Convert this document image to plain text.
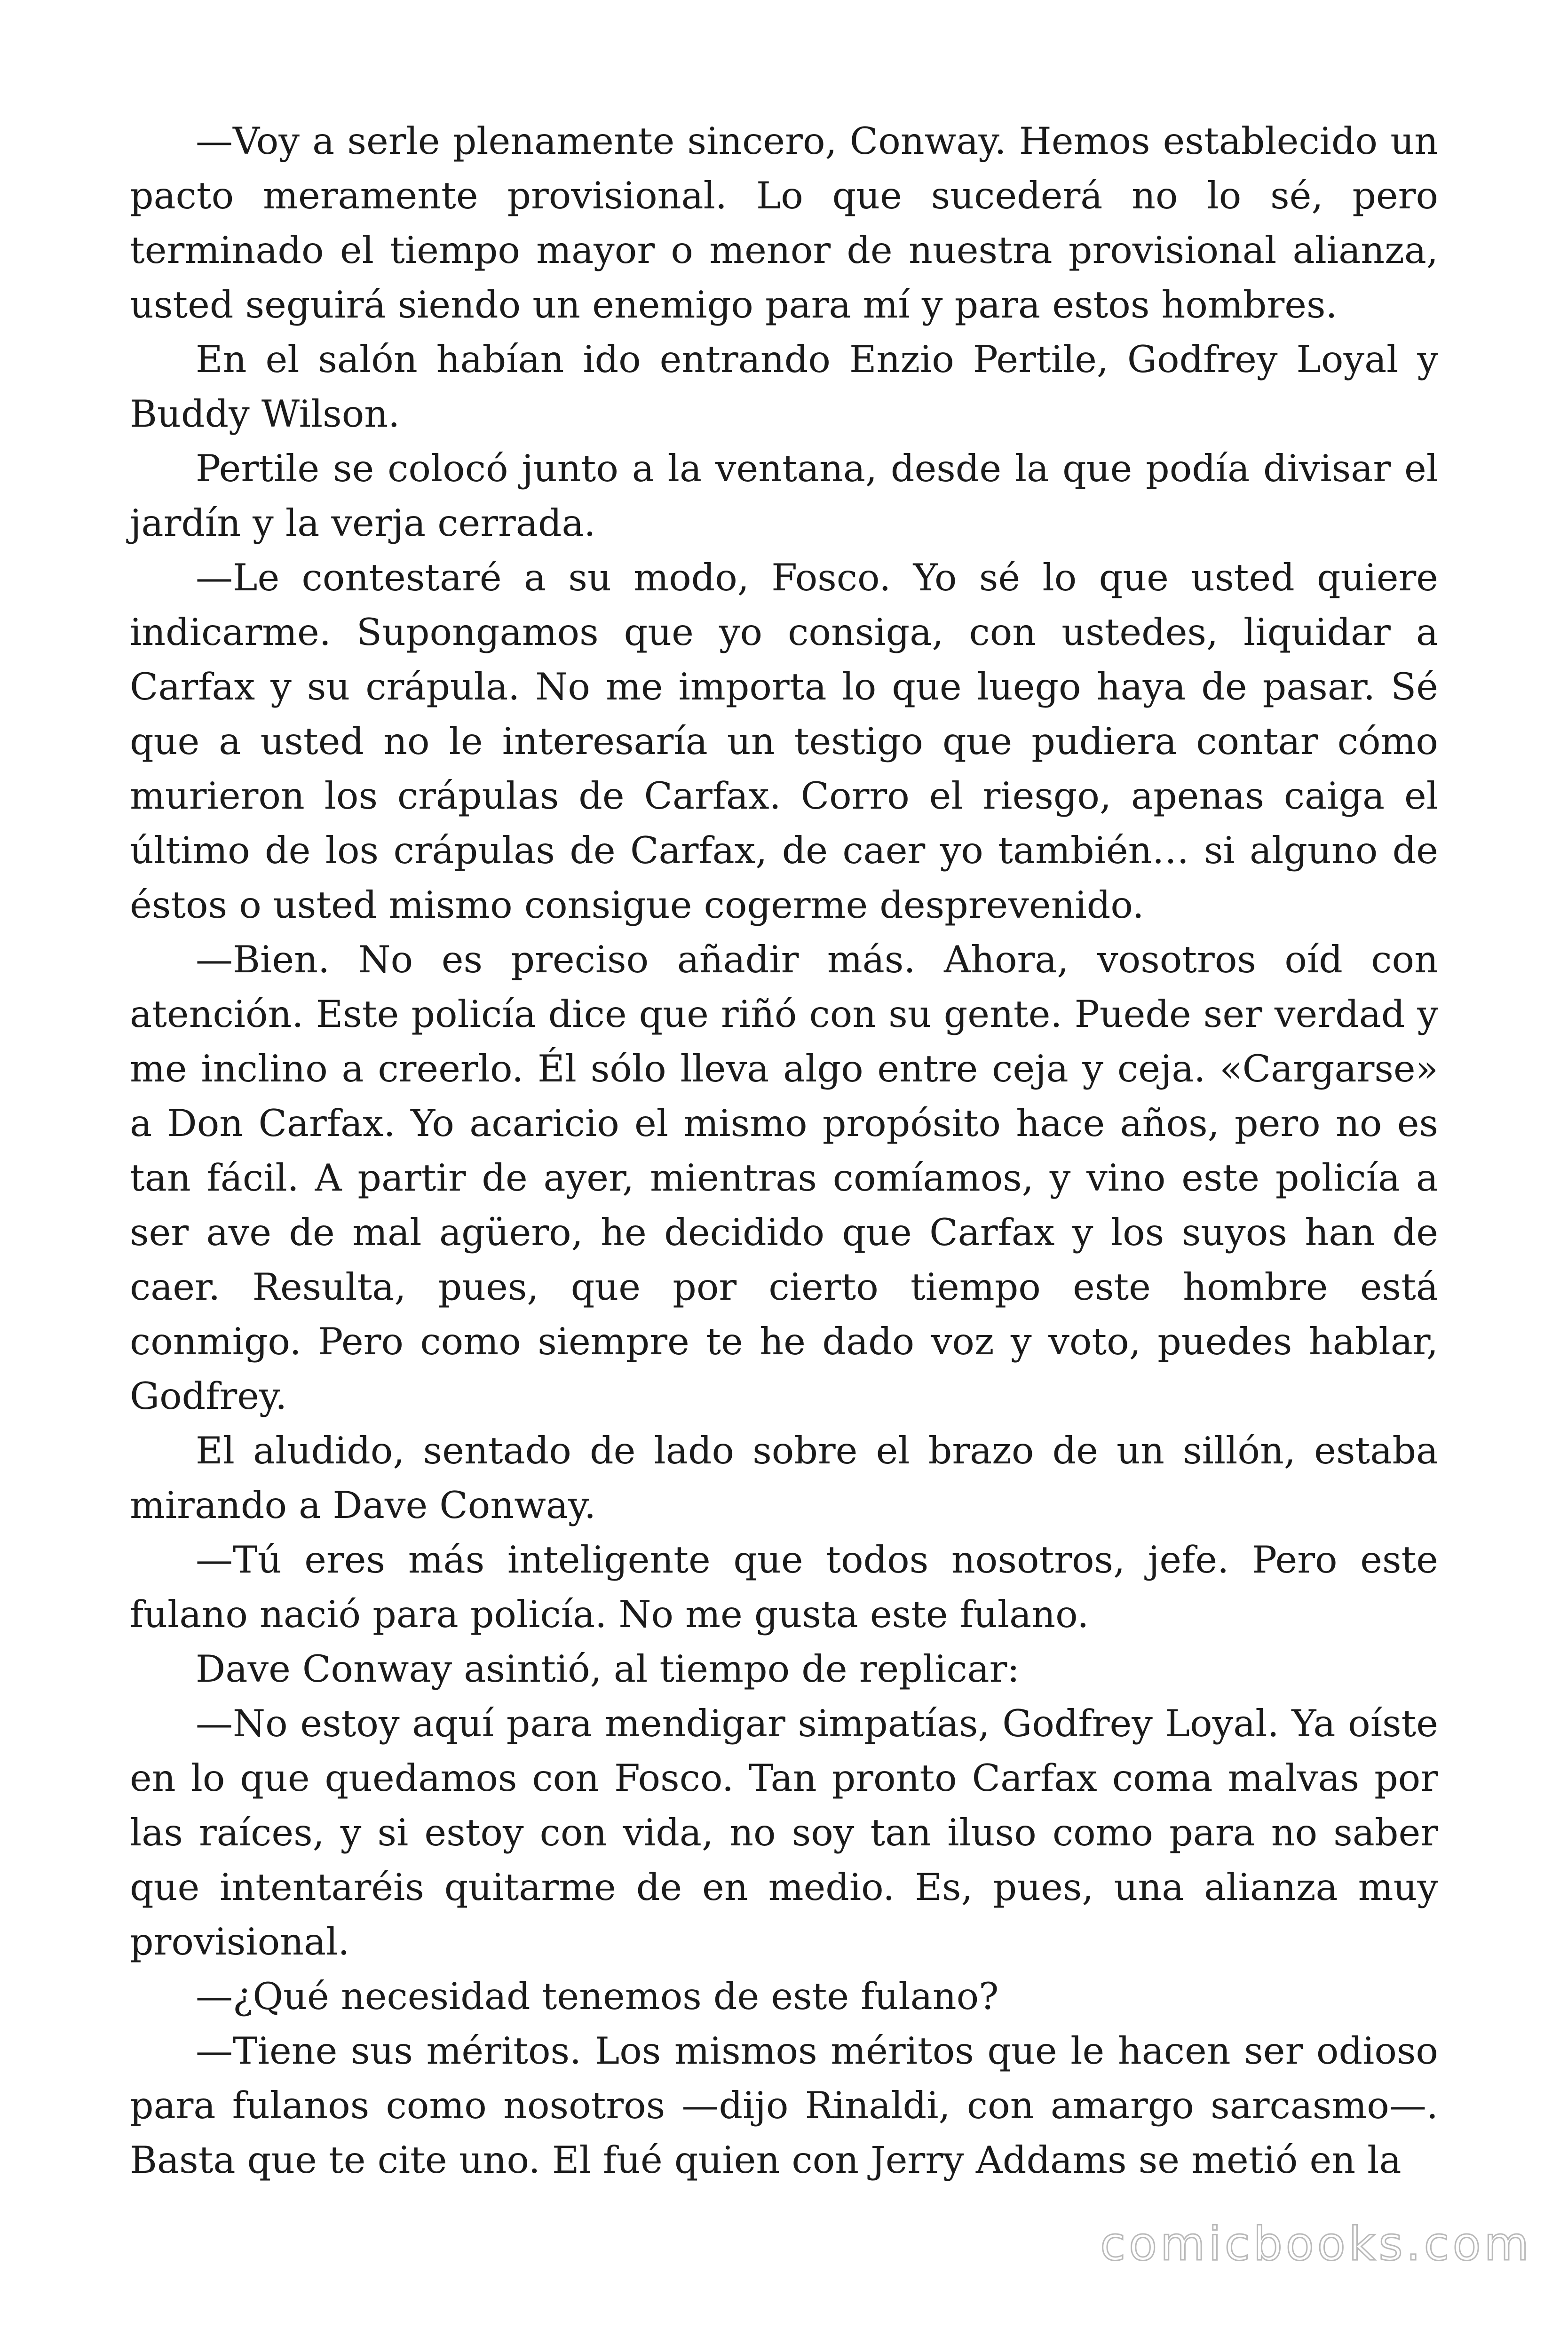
—Voy a serle plenamente sincero, Conway. Hemos establecido un pacto meramente provisional. Lo que sucederá no lo sé, pero terminado el tiempo mayor o menor de nuestra provisional alianza, usted seguirá siendo un enemigo para mí y para estos hombres.

En el salón habían ido entrando Enzio Pertile, Godfrey Loyal y Buddy Wilson.

Pertile se colocó junto a la ventana, desde la que podía divisar el jardín y la verja cerrada.

—Le contestaré a su modo, Fosco. Yo sé lo que usted quiere indicarme. Supongamos que yo consiga, con ustedes, liquidar a Carfax y su crápula. No me importa lo que luego haya de pasar. Sé que a usted no le interesaría un testigo que pudiera contar cómo murieron los crápulas de Carfax. Corro el riesgo, apenas caiga el último de los crápulas de Carfax, de caer yo también… si alguno de éstos o usted mismo consigue cogerme desprevenido.

—Bien. No es preciso añadir más. Ahora, vosotros oíd con atención. Este policía dice que riñó con su gente. Puede ser verdad y me inclino a creerlo. Él sólo lleva algo entre ceja y ceja. «Cargarse» a Don Carfax. Yo acaricio el mismo propósito hace años, pero no es tan fácil. A partir de ayer, mientras comíamos, y vino este policía a ser ave de mal agüero, he decidido que Carfax y los suyos han de caer. Resulta, pues, que por cierto tiempo este hombre está conmigo. Pero como siempre te he dado voz y voto, puedes hablar, Godfrey.

El aludido, sentado de lado sobre el brazo de un sillón, estaba mirando a Dave Conway.

—Tú eres más inteligente que todos nosotros, jefe. Pero este fulano nació para policía. No me gusta este fulano.

Dave Conway asintió, al tiempo de replicar:

—No estoy aquí para mendigar simpatías, Godfrey Loyal. Ya oíste en lo que quedamos con Fosco. Tan pronto Carfax coma malvas por las raíces, y si estoy con vida, no soy tan iluso como para no saber que intentaréis quitarme de en medio. Es, pues, una alianza muy provisional.

—¿Qué necesidad tenemos de este fulano?

—Tiene sus méritos. Los mismos méritos que le hacen ser odioso para fulanos como nosotros —dijo Rinaldi, con amargo sarcasmo—. Basta que te cite uno. El fué quien con Jerry Addams se metió en la

comicbooks.com
